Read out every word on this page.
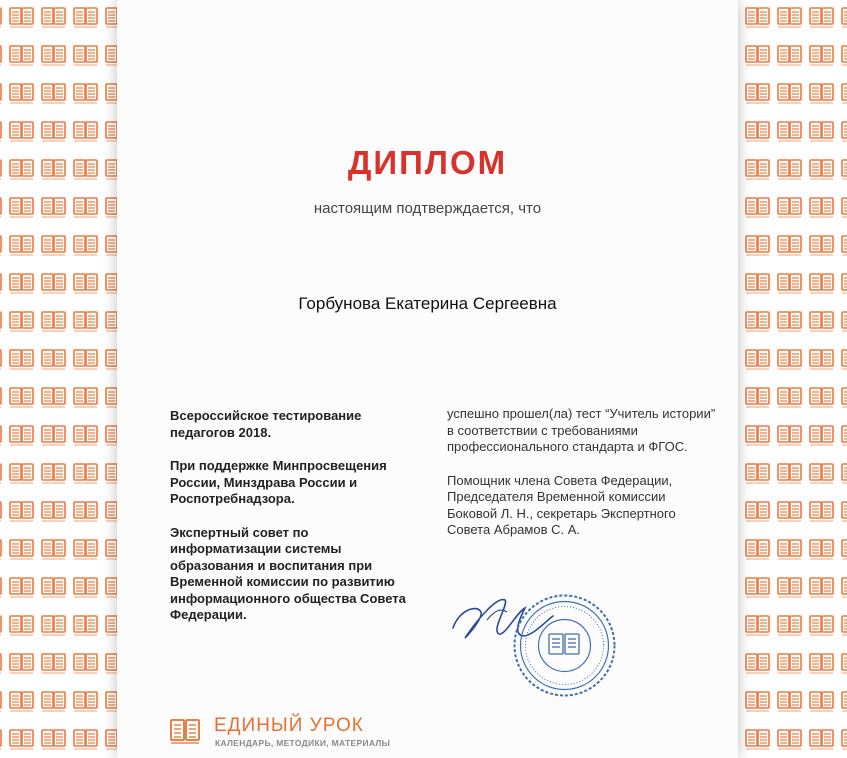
ДИПЛОМ
настоящим подтверждается, что
Горбунова Екатерина Сергеевна

Всероссийское тестирование педагогов 2018.

При поддержке Минпросвещения России, Минздрава России и Роспотребнадзора.

Экспертный совет по информатизации системы образования и воспитания при Временной комиссии по развитию информационного общества Совета Федерации.

успешно прошел(ла) тест “Учитель истории” в соответствии с требованиями профессионального стандарта и ФГОС.

Помощник члена Совета Федерации, Председателя Временной комиссии Боковой Л. Н., секретарь Экспертного Совета Абрамов С. А.

ЕДИНЫЙ УРОК
КАЛЕНДАРЬ, МЕТОДИКИ, МАТЕРИАЛЫ
